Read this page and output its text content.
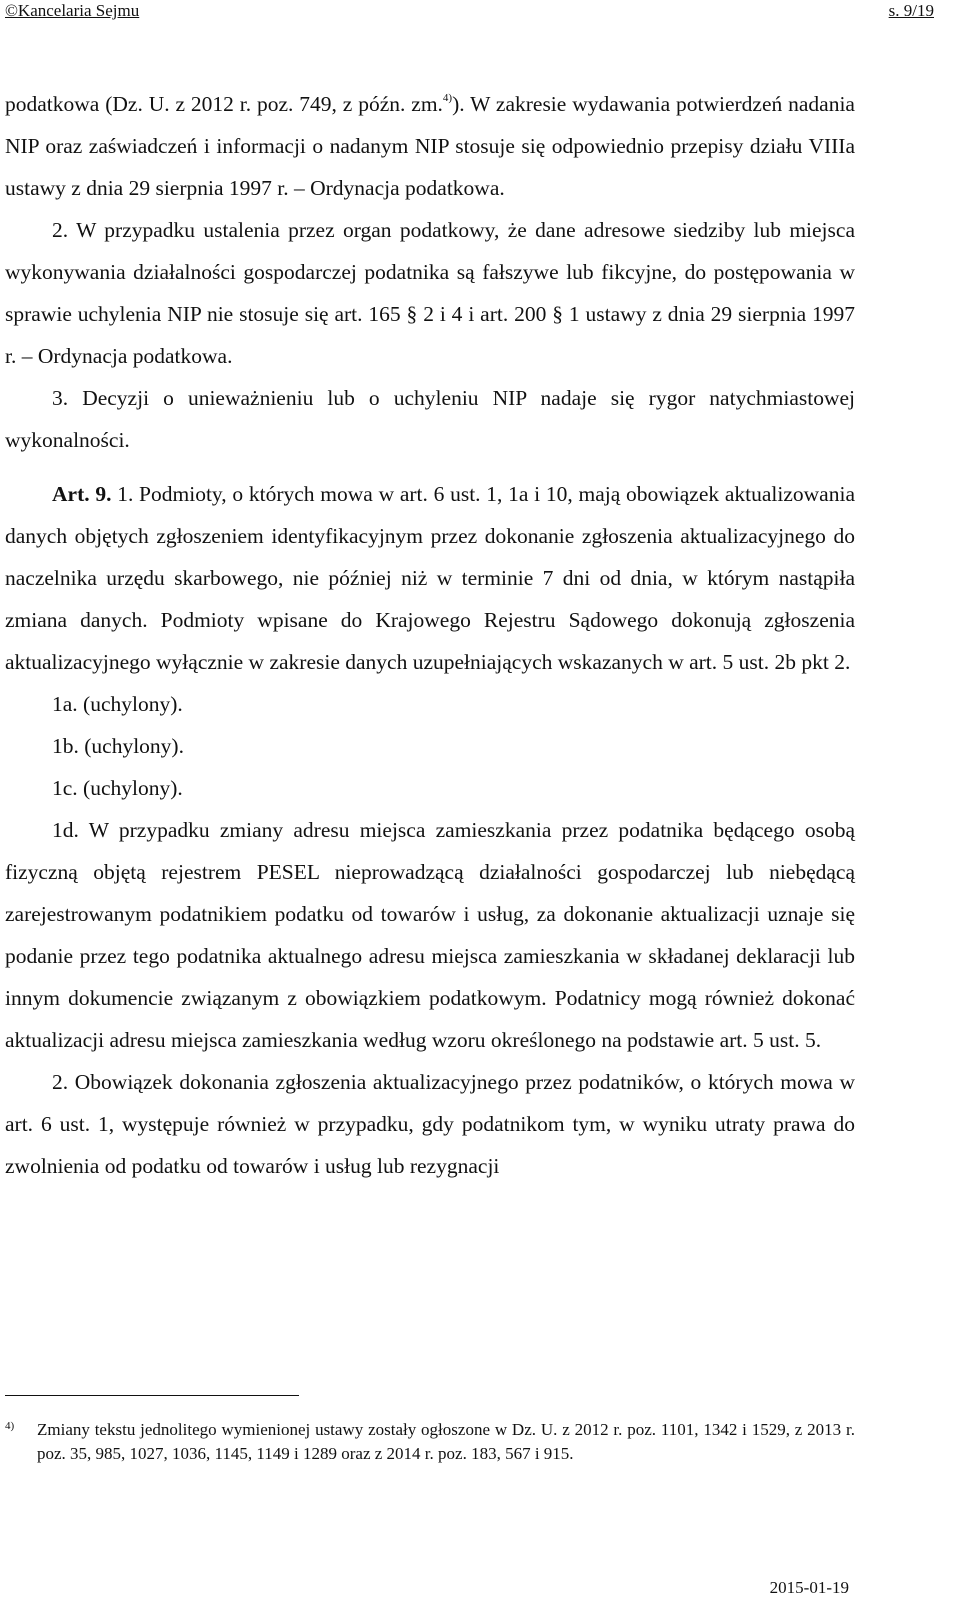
©Kancelaria Sejmu	s. 9/19

podatkowa (Dz. U. z 2012 r. poz. 749, z późn. zm.$^{4)}$). W zakresie wydawania potwierdzeń nadania NIP oraz zaświadczeń i informacji o nadanym NIP stosuje się odpowiednio przepisy działu VIIIa ustawy z dnia 29 sierpnia 1997 r. – Ordynacja podatkowa.

2. W przypadku ustalenia przez organ podatkowy, że dane adresowe siedziby lub miejsca wykonywania działalności gospodarczej podatnika są fałszywe lub fikcyjne, do postępowania w sprawie uchylenia NIP nie stosuje się art. 165 § 2 i 4 i art. 200 § 1 ustawy z dnia 29 sierpnia 1997 r. – Ordynacja podatkowa.

3. Decyzji o unieważnieniu lub o uchyleniu NIP nadaje się rygor natychmiastowej wykonalności.

Art. 9. 1. Podmioty, o których mowa w art. 6 ust. 1, 1a i 10, mają obowiązek aktualizowania danych objętych zgłoszeniem identyfikacyjnym przez dokonanie zgłoszenia aktualizacyjnego do naczelnika urzędu skarbowego, nie później niż w terminie 7 dni od dnia, w którym nastąpiła zmiana danych. Podmioty wpisane do Krajowego Rejestru Sądowego dokonują zgłoszenia aktualizacyjnego wyłącznie w zakresie danych uzupełniających wskazanych w art. 5 ust. 2b pkt 2.

1a. (uchylony).

1b. (uchylony).

1c. (uchylony).

1d. W przypadku zmiany adresu miejsca zamieszkania przez podatnika będącego osobą fizyczną objętą rejestrem PESEL nieprowadzącą działalności gospodarczej lub niebędącą zarejestrowanym podatnikiem podatku od towarów i usług, za dokonanie aktualizacji uznaje się podanie przez tego podatnika aktualnego adresu miejsca zamieszkania w składanej deklaracji lub innym dokumencie związanym z obowiązkiem podatkowym. Podatnicy mogą również dokonać aktualizacji adresu miejsca zamieszkania według wzoru określonego na podstawie art. 5 ust. 5.

2. Obowiązek dokonania zgłoszenia aktualizacyjnego przez podatników, o których mowa w art. 6 ust. 1, występuje również w przypadku, gdy podatnikom tym, w wyniku utraty prawa do zwolnienia od podatku od towarów i usług lub rezygnacji

4)	Zmiany tekstu jednolitego wymienionej ustawy zostały ogłoszone w Dz. U. z 2012 r. poz. 1101, 1342 i 1529, z 2013 r. poz. 35, 985, 1027, 1036, 1145, 1149 i 1289 oraz z 2014 r. poz. 183, 567 i 915.
2015-01-19
